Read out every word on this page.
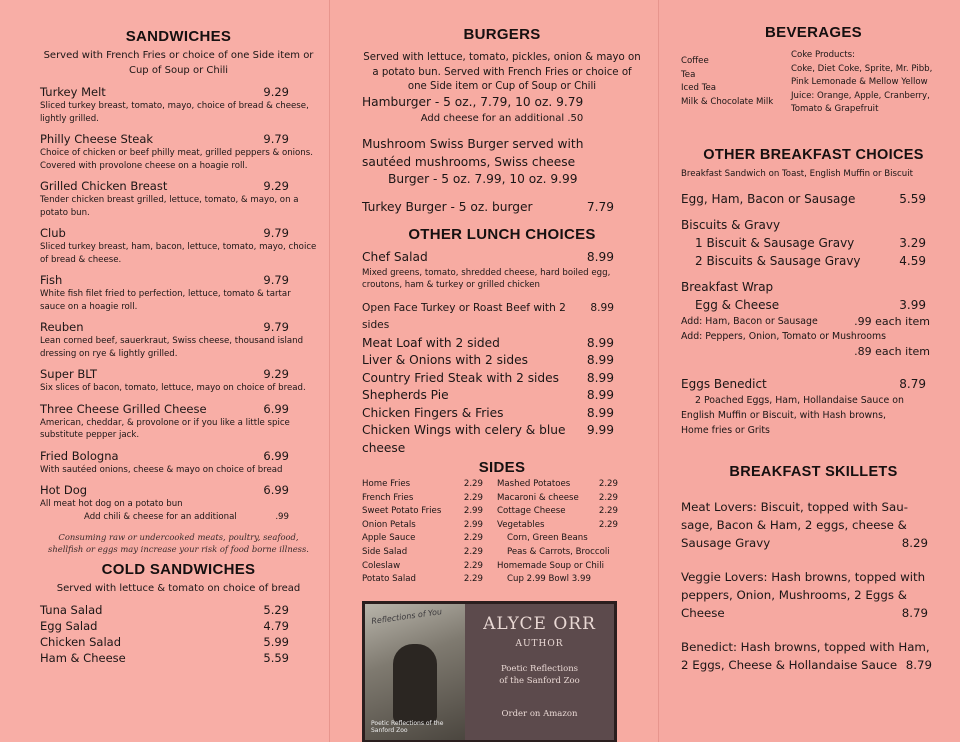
SANDWICHES
Served with French Fries or choice of one Side item or Cup of Soup or Chili
Turkey Melt	9.29
Sliced turkey breast, tomato, mayo, choice of bread & cheese, lightly grilled.
Philly Cheese Steak	9.79
Choice of chicken or beef philly meat, grilled peppers & onions. Covered with provolone cheese on a hoagie roll.
Grilled Chicken Breast	9.29
Tender chicken breast grilled, lettuce, tomato, & mayo, on a potato bun.
Club	9.79
Sliced turkey breast, ham, bacon, lettuce, tomato, mayo, choice of bread & cheese.
Fish	9.79
White fish filet fried to perfection, lettuce, tomato & tartar sauce on a hoagie roll.
Reuben	9.79
Lean corned beef, sauerkraut, Swiss cheese, thousand island dressing on rye & lightly grilled.
Super BLT	9.29
Six slices of bacon, tomato, lettuce, mayo on choice of bread.
Three Cheese Grilled Cheese	6.99
American, cheddar, & provolone or if you like a little spice substitute pepper jack.
Fried Bologna	6.99
With sautéed onions, cheese & mayo on choice of bread
Hot Dog	6.99
All meat hot dog on a potato bun
Add chili & cheese for an additional	.99
Consuming raw or undercooked meats, poultry, seafood, shellfish or eggs may increase your risk of food borne illness.
COLD SANDWICHES
Served with lettuce & tomato on choice of bread
Tuna Salad	5.29
Egg Salad	4.79
Chicken Salad	5.99
Ham & Cheese	5.59
BURGERS
Served with lettuce, tomato, pickles, onion & mayo on a potato bun. Served with French Fries or choice of one Side item or Cup of Soup or Chili
Hamburger - 5 oz., 7.79, 10 oz. 9.79
Add cheese for an additional .50
Mushroom Swiss Burger served with
sautéed mushrooms, Swiss cheese
Burger - 5 oz. 7.99, 10 oz. 9.99
Turkey Burger - 5 oz. burger	7.79
OTHER LUNCH CHOICES
Chef Salad	8.99
Mixed greens, tomato, shredded cheese, hard boiled egg, croutons, ham & turkey or grilled chicken
Open Face Turkey or Roast Beef with 2 sides
8.99
Meat Loaf with 2 sided	8.99
Liver & Onions with 2 sides	8.99
Country Fried Steak with 2 sides 8.99
Shepherds Pie	8.99
Chicken Fingers & Fries	8.99
Chicken Wings with celery & blue cheese
9.99
SIDES
Home Fries	2.29
French Fries	2.29
Sweet Potato Fries	2.99
Onion Petals	2.99
Apple Sauce	2.29
Side Salad	2.29
Coleslaw	2.29
Potato Salad	2.29
Mashed Potatoes	2.29
Macaroni & cheese 2.29
Cottage Cheese	2.29
Vegetables	2.29
Corn, Green Beans
Peas & Carrots, Broccoli
Homemade Soup or Chili
Cup 2.99 Bowl 3.99
Reflections of You
Poetic Reflections of the Sanford Zoo
ALYCE ORR
AUTHOR
Poetic Reflections
of the Sanford Zoo
Order on Amazon
BEVERAGES
Coffee
Tea
Iced Tea
Milk & Chocolate Milk
Coke Products:
Coke, Diet Coke, Sprite, Mr. Pibb,
Pink Lemonade & Mellow Yellow
Juice: Orange, Apple, Cranberry,
Tomato & Grapefruit
OTHER BREAKFAST CHOICES
Breakfast Sandwich on Toast, English Muffin or Biscuit
Egg, Ham, Bacon or Sausage	5.59
Biscuits & Gravy
1 Biscuit & Sausage Gravy	3.29
2 Biscuits & Sausage Gravy	4.59
Breakfast Wrap
Egg & Cheese	3.99
Add: Ham, Bacon or Sausage	.99 each item
Add: Peppers, Onion, Tomato or Mushrooms
.89 each item
Eggs Benedict	8.79
2 Poached Eggs, Ham, Hollandaise Sauce on
English Muffin or Biscuit, with Hash browns,
Home fries or Grits
BREAKFAST SKILLETS
Meat Lovers: Biscuit, topped with Sau-
sage, Bacon & Ham, 2 eggs, cheese &
Sausage Gravy	8.29
Veggie Lovers: Hash browns, topped with
peppers, Onion, Mushrooms, 2 Eggs &
Cheese	8.79
Benedict: Hash browns, topped with Ham,
2 Eggs, Cheese & Hollandaise Sauce 8.79
